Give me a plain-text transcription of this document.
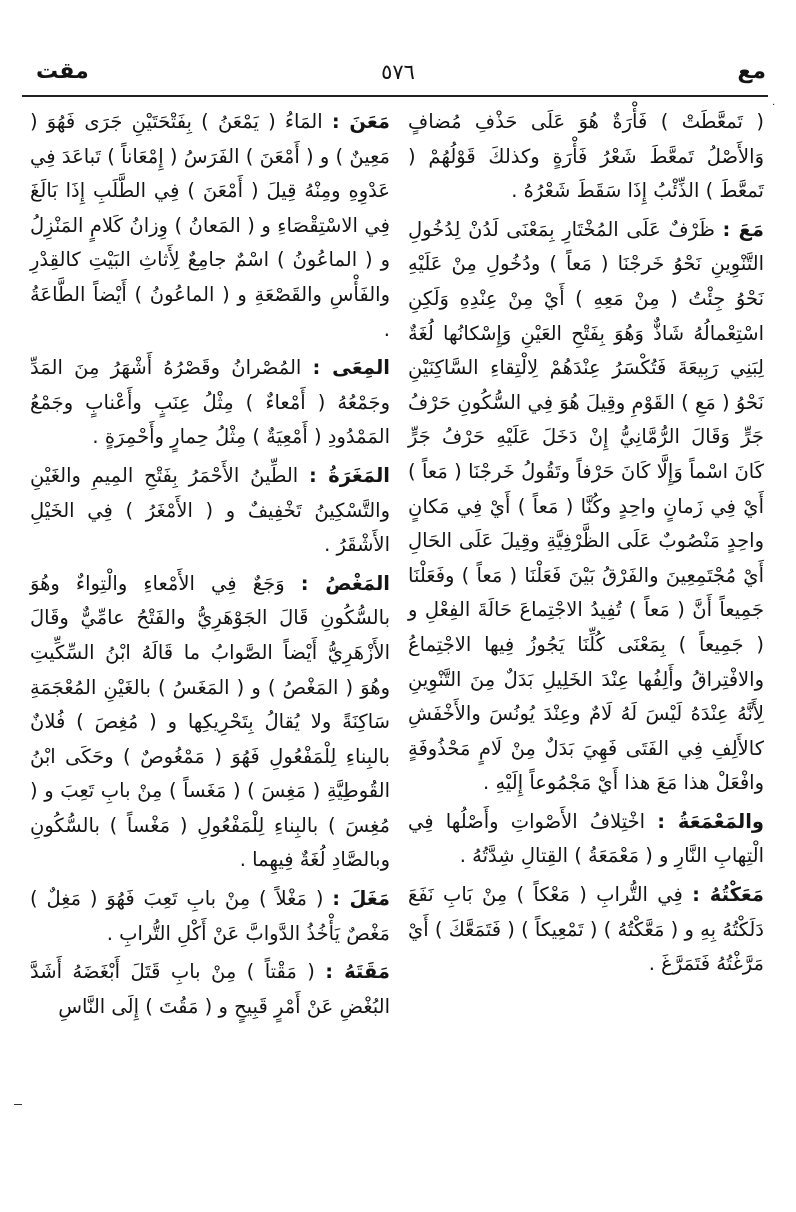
٥٧٦	مع
مقت
·

( تَمعَّطَتْ ) فَأْرَةٌ هُوَ عَلَى حَذْفِ مُضافٍ وَالأَصْلُ تَمعَّطَ شَعْرُ فَأْرَةٍ وكذلكَ قَوْلُهُمْ ( تَمعَّطَ ) الذِّئْبُ إِذَا سَقَطَ شَعْرُهُ .

مَعَ : ظَرْفٌ عَلَى المُخْتَارِ بِمَعْنَى لَدُنْ لِدُخُولِ التَّنْوِينِ نَحْوُ خَرجْنَا ( مَعاً ) ودُخُولِ مِنْ عَلَيْهِ نَحْوُ جِئْتُ ( مِنْ مَعِهِ ) أَيْ مِنْ عِنْدِهِ وَلَكِنِ اسْتِعْمالُهُ شَاذٌّ وَهُوَ بِفَتْحِ العَيْنِ وَإِسْكانُها لُغَةٌ لِبَنِي رَبِيعَةَ فَتُكْسَرُ عِنْدَهُمْ لِالْتِقاءِ السَّاكِنَيْنِ نَحْوُ ( مَعِ ) القَوْمِ وقِيلَ هُوَ فِي السُّكُونِ حَرْفُ جَرٍّ وَقَالَ الرُّمَّانِيُّ إِنْ دَخَلَ عَلَيْهِ حَرْفُ جَرٍّ كَانَ اسْماً وَإِلَّا كَانَ حَرْفاً وتَقُولُ خَرجْنَا ( مَعاً ) أَيْ فِي زَمانٍ واحِدٍ وكُنَّا ( مَعاً ) أَيْ فِي مَكانٍ واحِدٍ مَنْصُوبٌ عَلَى الظَّرْفِيَّةِ وقِيلَ عَلَى الحَالِ أَيْ مُجْتَمِعِينَ والفَرْقُ بَيْنَ فَعَلْنَا ( مَعاً ) وفَعَلْنَا جَمِيعاً أَنَّ ( مَعاً ) تُفِيدُ الاجْتِماعَ حَالَةَ الفِعْلِ و ( جَمِيعاً ) بِمَعْنَى كُلِّنَا يَجُوزُ فِيها الاجْتِماعُ والافْتِراقُ وأَلِفُها عِنْدَ الخَلِيلِ بَدَلٌ مِنَ التَّنْوِينِ لِأَنَّهُ عِنْدَهُ لَيْسَ لَهُ لَامٌ وعِنْدَ يُونُسَ والأَخْفَشِ كالأَلِفِ فِي الفَتَى فَهِيَ بَدَلٌ مِنْ لَامٍ مَحْذُوفَةٍ وافْعَلْ هذا مَعَ هذا أَيْ مَجْمُوعاً إِلَيْهِ .

والمَعْمَعَةُ : اخْتِلافُ الأَصْواتِ وأَصْلُها فِي الْتِهابِ النَّارِ و ( مَعْمَعَةُ ) القِتالِ شِدَّتُهُ .

مَعَكْتُهُ : فِي التُّرابِ ( مَعْكاً ) مِنْ بَابِ نَفَعَ دَلَكْتُهُ بِهِ و ( مَعَّكْتُهُ ) ( تَمْعِيكاً ) ( فَتَمَعَّكَ ) أَيْ مَرَّغْتُهُ فَتَمَرَّغَ .

مَعَنَ : المَاءُ ( يَمْعَنُ ) بِفَتْحَتَيْنِ جَرَى فَهُوَ ( مَعِينٌ ) و ( أَمْعَنَ ) الفَرَسُ ( إِمْعَاناً ) تَباعَدَ فِي عَدْوِهِ ومِنْهُ قِيلَ ( أَمْعَنَ ) فِي الطَّلَبِ إِذَا بَالَغَ فِي الاسْتِقْصَاءِ و ( المَعانُ ) وِزانُ كَلامٍ المَنْزِلُ و ( الماعُونُ ) اسْمٌ جامِعٌ لِأَثاثِ البَيْتِ كالقِدْرِ والفَأْسِ والقَصْعَةِ و ( الماعُونُ ) أَيْضاً الطَّاعَةُ .

المِعَى : المُصْرانُ وقَصْرُهُ أَشْهَرُ مِنَ المَدِّ وجَمْعُهُ ( أَمْعاءٌ ) مِثْلُ عِنَبٍ وأَعْنابٍ وجَمْعُ المَمْدُودِ ( أَمْعِيَةٌ ) مِثْلُ حِمارٍ وأَحْمِرَةٍ .

المَغَرَةُ : الطِّينُ الأَحْمَرُ بِفَتْحِ المِيمِ والغَيْنِ والتَّسْكِينُ تَخْفِيفٌ و ( الأَمْغَرُ ) فِي الخَيْلِ الأَشْقَرُ .

المَغْصُ : وَجَعٌ فِي الأَمْعاءِ والْتِواءٌ وهُوَ بالسُّكُونِ قَالَ الجَوْهَرِيُّ والفَتْحُ عامِّيٌّ وقَالَ الأَزْهَرِيُّ أَيْضاً الصَّوابُ ما قَالَهُ ابْنُ السِّكِّيتِ وهُوَ ( المَغْصُ ) و ( المَغَسُ ) بالغَيْنِ المُعْجَمَةِ سَاكِنَةً ولا يُقالُ بِتَحْرِيكِها و ( مُغِصَ ) فُلانٌ بالبِناءِ لِلْمَفْعُولِ فَهُوَ ( مَمْغُوصٌ ) وحَكَى ابْنُ القُوطِيَّةِ ( مَغِسَ ) ( مَغَساً ) مِنْ بابِ تَعِبَ و ( مُغِسَ ) بالبِناءِ لِلْمَفْعُولِ ( مَغْساً ) بالسُّكُونِ وبالصَّادِ لُغَةٌ فِيهِما .

مَغَلَ : ( مَغْلاً ) مِنْ بابِ تَعِبَ فَهُوَ ( مَغِلٌ ) مَغْصٌ يَأْخُذُ الدَّوابَّ عَنْ أَكْلِ التُّرابِ .

مَقَتَهُ : ( مَقْتاً ) مِنْ بابِ قَتَلَ أَبْغَضَهُ أَشَدَّ البُغْضِ عَنْ أَمْرٍ قَبِيحٍ و ( مَقُتَ ) إِلَى النَّاسِ
